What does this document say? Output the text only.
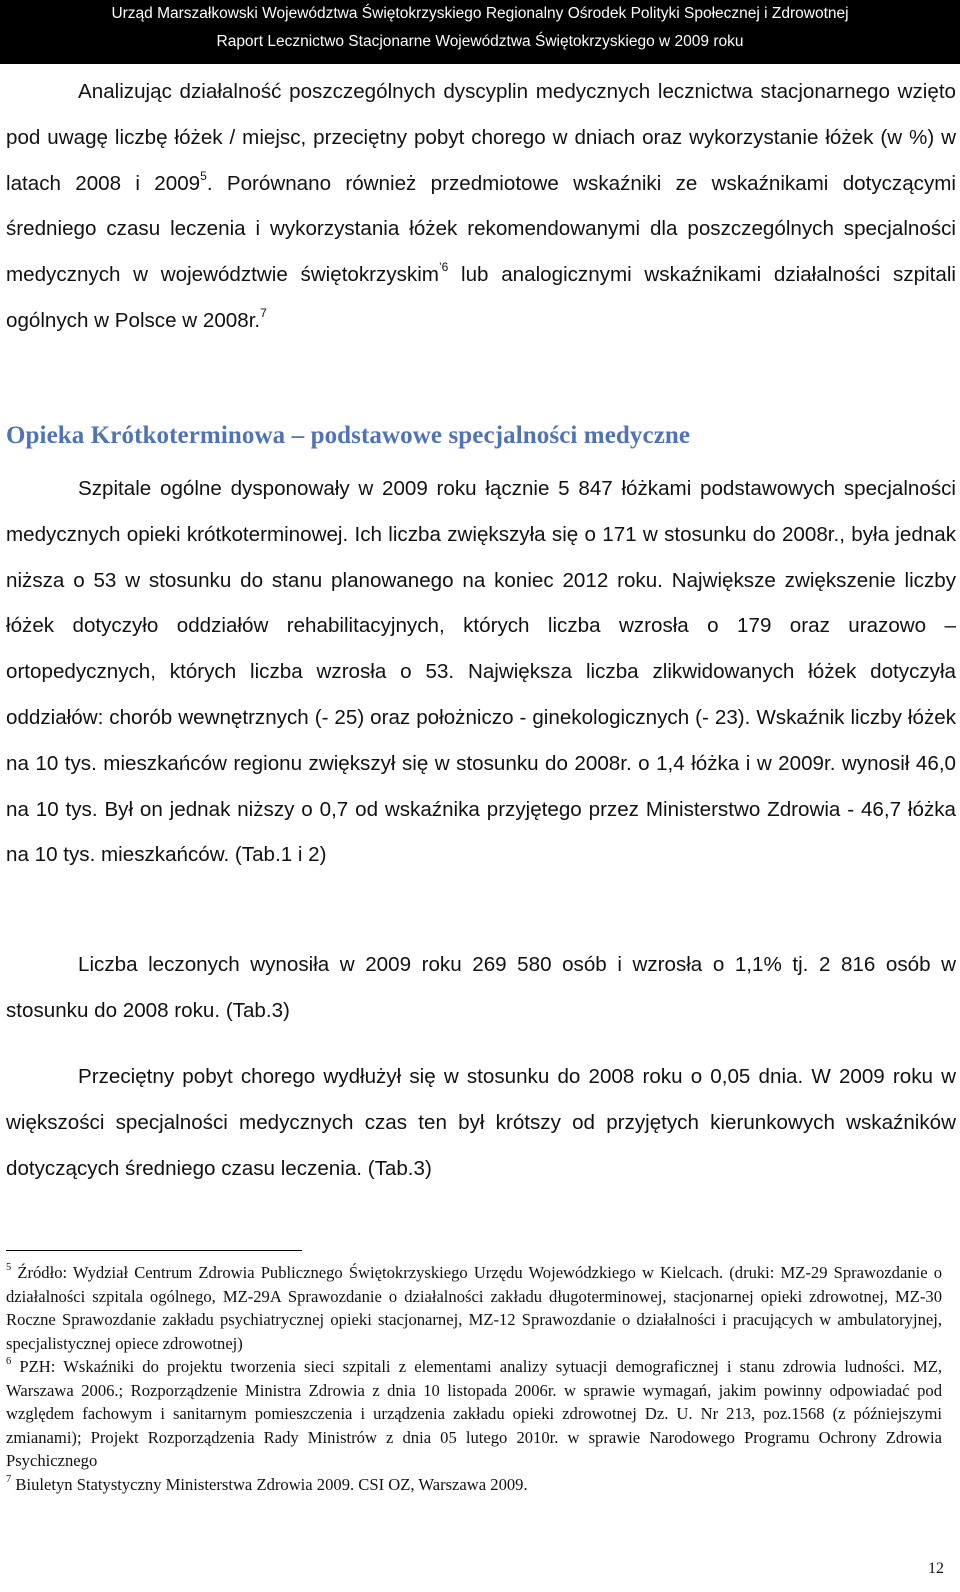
Urząd Marszałkowski Województwa Świętokrzyskiego Regionalny Ośrodek Polityki Społecznej i Zdrowotnej
Raport Lecznictwo Stacjonarne Województwa Świętokrzyskiego w 2009 roku

Analizując działalność poszczególnych dyscyplin medycznych lecznictwa stacjonarnego wzięto pod uwagę liczbę łóżek / miejsc, przeciętny pobyt chorego w dniach oraz wykorzystanie łóżek (w %) w latach 2008 i 2009$^5$. Porównano również przedmiotowe wskaźniki ze wskaźnikami dotyczącymi średniego czasu leczenia i wykorzystania łóżek rekomendowanymi dla poszczególnych specjalności medycznych w województwie świętokrzyskim$^{’6}$ lub analogicznymi wskaźnikami działalności szpitali ogólnych w Polsce w 2008r.$^7$

Opieka Krótkoterminowa – podstawowe specjalności medyczne

Szpitale ogólne dysponowały w 2009 roku łącznie 5 847 łóżkami podstawowych specjalności medycznych opieki krótkoterminowej. Ich liczba zwiększyła się o 171 w stosunku do 2008r., była jednak niższa o 53 w stosunku do stanu planowanego na koniec 2012 roku. Największe zwiększenie liczby łóżek dotyczyło oddziałów rehabilitacyjnych, których liczba wzrosła o 179 oraz urazowo – ortopedycznych, których liczba wzrosła o 53. Największa liczba zlikwidowanych łóżek dotyczyła oddziałów: chorób wewnętrznych (- 25) oraz położniczo - ginekologicznych (- 23). Wskaźnik liczby łóżek na 10 tys. mieszkańców regionu zwiększył się w stosunku do 2008r. o 1,4 łóżka i w 2009r. wynosił 46,0 na 10 tys. Był on jednak niższy o 0,7 od wskaźnika przyjętego przez Ministerstwo Zdrowia - 46,7 łóżka na 10 tys. mieszkańców. (Tab.1 i 2)

Liczba leczonych wynosiła w 2009 roku 269 580 osób i wzrosła o 1,1% tj. 2 816 osób w stosunku do 2008 roku. (Tab.3)

Przeciętny pobyt chorego wydłużył się w stosunku do 2008 roku o 0,05 dnia. W 2009 roku w większości specjalności medycznych czas ten był krótszy od przyjętych kierunkowych wskaźników dotyczących średniego czasu leczenia. (Tab.3)

$^5$ Źródło: Wydział Centrum Zdrowia Publicznego Świętokrzyskiego Urzędu Wojewódzkiego w Kielcach. (druki: MZ-29 Sprawozdanie o działalności szpitala ogólnego, MZ-29A Sprawozdanie o działalności zakładu długoterminowej, stacjonarnej opieki zdrowotnej, MZ-30 Roczne Sprawozdanie zakładu psychiatrycznej opieki stacjonarnej, MZ-12 Sprawozdanie o działalności i pracujących w ambulatoryjnej, specjalistycznej opiece zdrowotnej)

$^6$ PZH: Wskaźniki do projektu tworzenia sieci szpitali z elementami analizy sytuacji demograficznej i stanu zdrowia ludności. MZ, Warszawa 2006.; Rozporządzenie Ministra Zdrowia z dnia 10 listopada 2006r. w sprawie wymagań, jakim powinny odpowiadać pod względem fachowym i sanitarnym pomieszczenia i urządzenia zakładu opieki zdrowotnej Dz. U. Nr 213, poz.1568 (z późniejszymi zmianami); Projekt Rozporządzenia Rady Ministrów z dnia 05 lutego 2010r. w sprawie Narodowego Programu Ochrony Zdrowia Psychicznego

$^7$ Biuletyn Statystyczny Ministerstwa Zdrowia 2009. CSI OZ, Warszawa 2009.

12
